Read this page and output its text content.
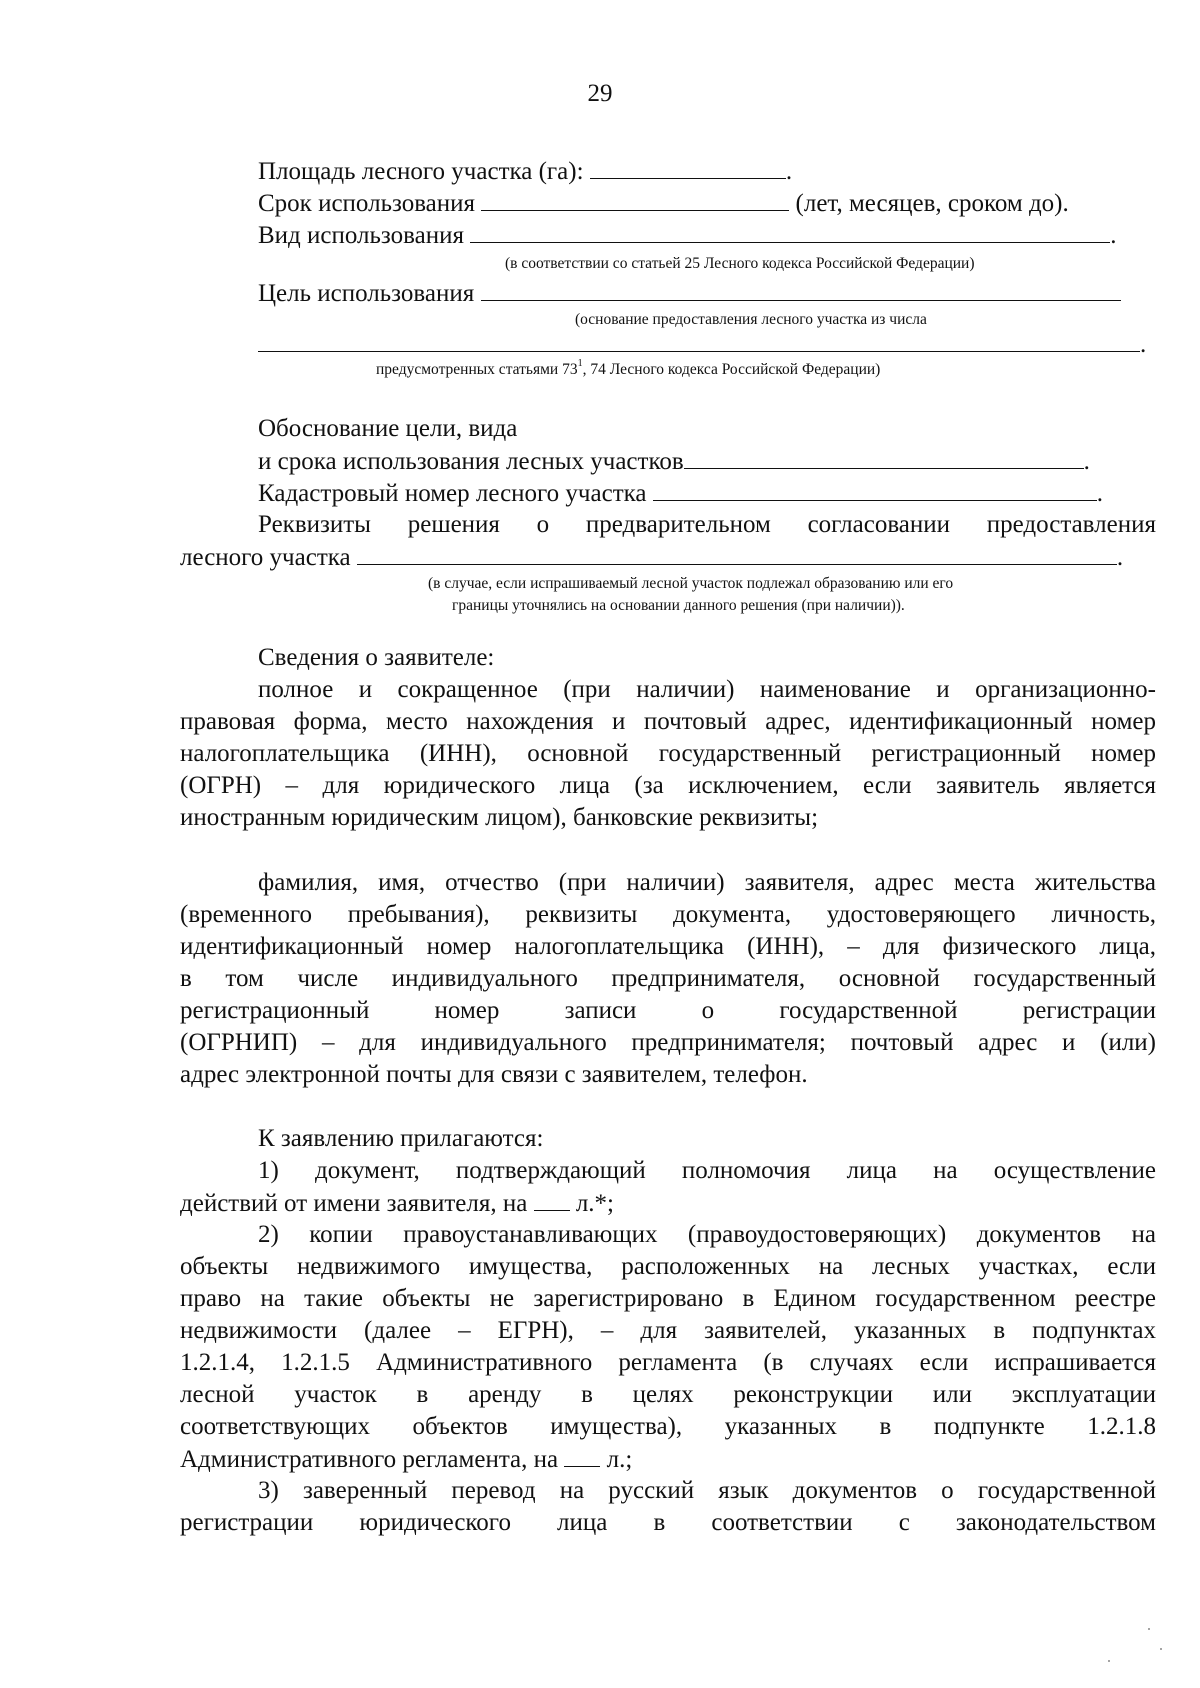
29
Площадь лесного участка (га):	.
Срок использования	(лет, месяцев, сроком до).
Вид использования	.
(в соответствии со статьей 25 Лесного кодекса Российской Федерации)
Цель использования
(основание предоставления лесного участка из числа
.
предусмотренных статьями $73^1$, 74 Лесного кодекса Российской Федерации)
Обоснование цели, вида
и срока использования лесных участков	.
Кадастровый номер лесного участка	.
Реквизиты решения о предварительном согласовании предоставления
лесного участка	.
(в случае, если испрашиваемый лесной участок подлежал образованию или его
границы уточнялись на основании данного решения (при наличии)).
Сведения о заявителе:
полное и сокращенное (при наличии) наименование и организационно-
правовая форма, место нахождения и почтовый адрес, идентификационный номер
налогоплательщика (ИНН), основной государственный регистрационный номер
(ОГРН) – для юридического лица (за исключением, если заявитель является
иностранным юридическим лицом), банковские реквизиты;
фамилия, имя, отчество (при наличии) заявителя, адрес места жительства
(временного пребывания), реквизиты документа, удостоверяющего личность,
идентификационный номер налогоплательщика (ИНН), – для физического лица,
в том числе индивидуального предпринимателя, основной государственный
регистрационный номер записи о государственной регистрации
(ОГРНИП) – для индивидуального предпринимателя; почтовый адрес и (или)
адрес электронной почты для связи с заявителем, телефон.
К заявлению прилагаются:
1) документ, подтверждающий полномочия лица на осуществление
действий от имени заявителя, на л.*;
2) копии правоустанавливающих (правоудостоверяющих) документов на
объекты недвижимого имущества, расположенных на лесных участках, если
право на такие объекты не зарегистрировано в Едином государственном реестре
недвижимости (далее – ЕГРН), – для заявителей, указанных в подпунктах
1.2.1.4, 1.2.1.5 Административного регламента (в случаях если испрашивается
лесной участок в аренду в целях реконструкции или эксплуатации
соответствующих объектов имущества), указанных в подпункте 1.2.1.8
Административного регламента, на л.;
3) заверенный перевод на русский язык документов о государственной
регистрации юридического лица в соответствии с законодательством
